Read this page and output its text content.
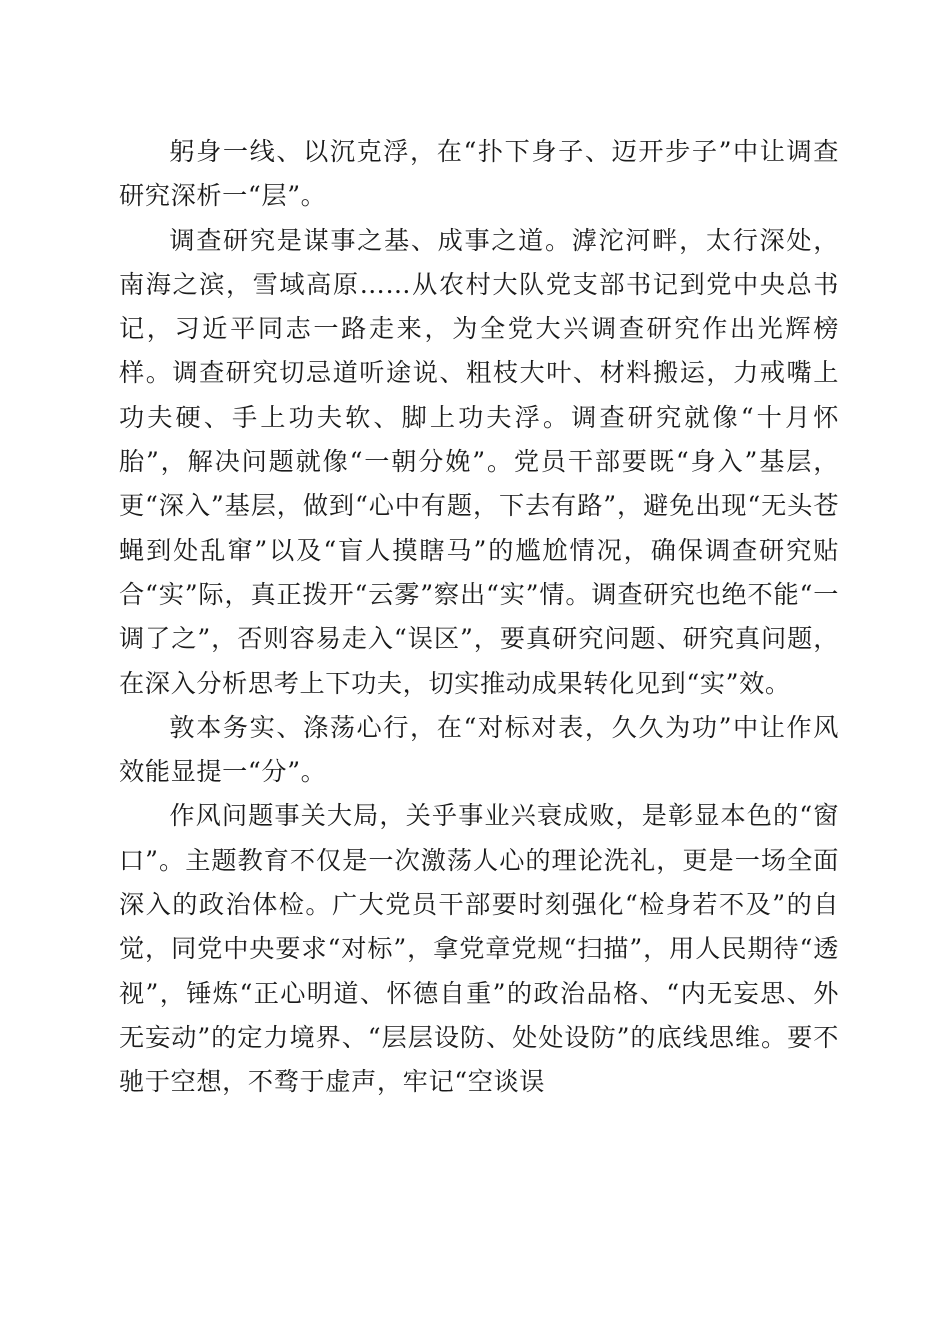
躬身一线、以沉克浮，在“扑下身子、迈开步子”中让调查研究深析一“层”。

调查研究是谋事之基、成事之道。滹沱河畔，太行深处，南海之滨，雪域高原……从农村大队党支部书记到党中央总书记，习近平同志一路走来，为全党大兴调查研究作出光辉榜样。调查研究切忌道听途说、粗枝大叶、材料搬运，力戒嘴上功夫硬、手上功夫软、脚上功夫浮。调查研究就像“十月怀胎”，解决问题就像“一朝分娩”。党员干部要既“身入”基层，更“深入”基层，做到“心中有题，下去有路”，避免出现“无头苍蝇到处乱窜”以及“盲人摸瞎马”的尴尬情况，确保调查研究贴合“实”际，真正拨开“云雾”察出“实”情。调查研究也绝不能“一调了之”，否则容易走入“误区”，要真研究问题、研究真问题，在深入分析思考上下功夫，切实推动成果转化见到“实”效。

敦本务实、涤荡心行，在“对标对表，久久为功”中让作风效能显提一“分”。

作风问题事关大局，关乎事业兴衰成败，是彰显本色的“窗口”。主题教育不仅是一次激荡人心的理论洗礼，更是一场全面深入的政治体检。广大党员干部要时刻强化“检身若不及”的自觉，同党中央要求“对标”，拿党章党规“扫描”，用人民期待“透视”，锤炼“正心明道、怀德自重”的政治品格、“内无妄思、外无妄动”的定力境界、“层层设防、处处设防”的底线思维。要不驰于空想，不骛于虚声，牢记“空谈误
